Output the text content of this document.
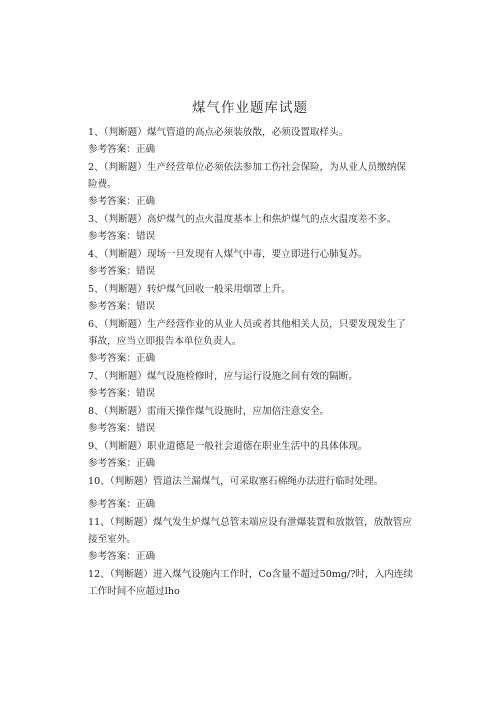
煤气作业题库试题

1、（判断题）煤气管道的高点必须装放散，必须设置取样头。

参考答案：正确

2、（判断题）生产经营单位必须依法参加工伤社会保险，为从业人员缴纳保险费。

参考答案：正确

3、（判断题）高炉煤气的点火温度基本上和焦炉煤气的点火温度差不多。

参考答案：错误

4、（判断题）现场一旦发现有人煤气中毒，要立即进行心肺复苏。

参考答案：错误

5、（判断题）转炉煤气回收一般采用烟罩上升。

参考答案：错误

6、（判断题）生产经营作业的从业人员或者其他相关人员，只要发现发生了事故，应当立即报告本单位负责人。

参考答案：正确

7、（判断题）煤气设施检修时，应与运行设施之间有效的隔断。

参考答案：错误

8、（判断题）雷雨天操作煤气设施时，应加倍注意安全。

参考答案：错误

9、（判断题）职业道德是一般社会道德在职业生活中的具体体现。

参考答案：正确

10、（判断题）管道法兰漏煤气，可采取塞石棉绳办法进行临时处理。

参考答案：正确

11、（判断题）煤气发生炉煤气总管末端应设有泄爆装置和放散管，放散管应接至室外。

参考答案：正确

12、（判断题）进入煤气设施内工作时，Co含量不超过50mg/?时，入内连续工作时间不应超过lho
